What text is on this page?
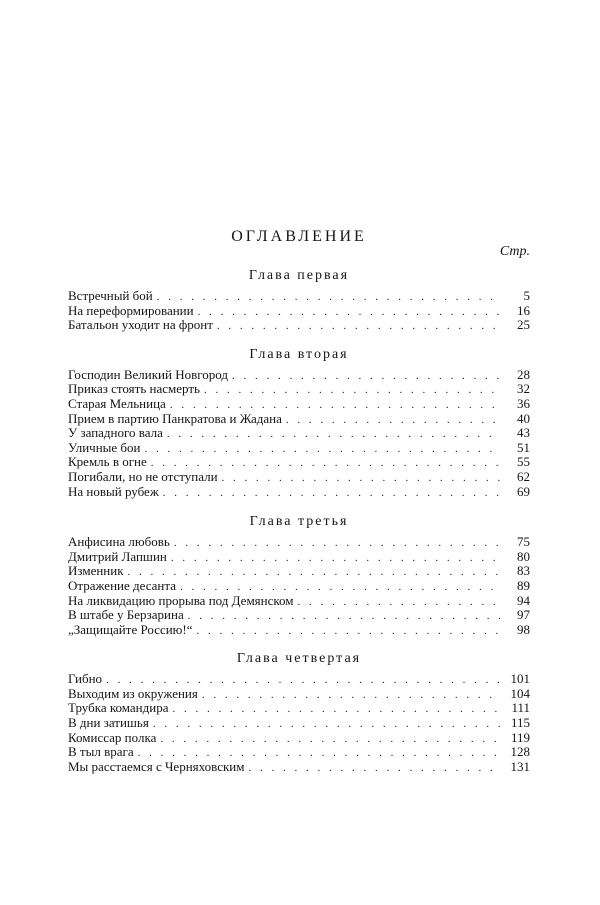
ОГЛАВЛЕНИЕ
Стр.
Глава первая
Встречный бой . . .	5
На переформировании . . .	16
Батальон уходит на фронт . . .	25
Глава вторая
Господин Великий Новгород . . .	28
Приказ стоять насмерть . . .	32
Старая Мельница . . .	36
Прием в партию Панкратова и Жадана . . .	40
У западного вала . . .	43
Уличные бои . . .	51
Кремль в огне . . .	55
Погибали, но не отступали . . .	62
На новый рубеж . . .	69
Глава третья
Анфисина любовь . . .	75
Дмитрий Лапшин . . .	80
Изменник . . .	83
Отражение десанта . . .	89
На ликвидацию прорыва под Демянском . . .	94
В штабе у Берзарина . . .	97
„Защищайте Россию!“ . . .	98
Глава четвертая
Гибно . . .	101
Выходим из окружения . . .	104
Трубка командира . . .	111
В дни затишья . . .	115
Комиссар полка . . .	119
В тыл врага . . .	128
Мы расстаемся с Черняховским . . .	131
